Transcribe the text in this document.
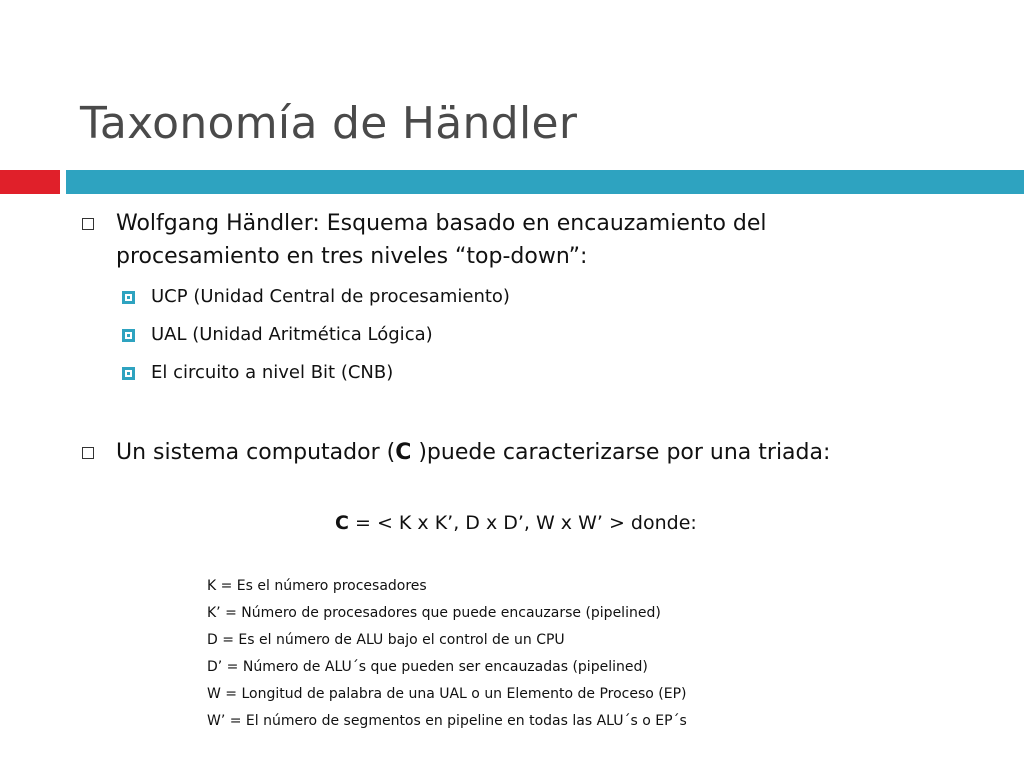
Taxonomía de Händler
Wolfgang Händler: Esquema basado en encauzamiento del
procesamiento en tres niveles “top-down”:
UCP (Unidad Central de procesamiento)
UAL (Unidad Aritmética Lógica)
El circuito a nivel Bit (CNB)
Un sistema computador (C )puede caracterizarse por una triada:
C = < K x K’, D x D’, W x W’ > donde:
K = Es el número procesadores
K’ = Número de procesadores que puede encauzarse (pipelined)
D = Es el número de ALU bajo el control de un CPU
D’ = Número de ALU´s que pueden ser encauzadas (pipelined)
W = Longitud de palabra de una UAL o un Elemento de Proceso (EP)
W’ = El número de segmentos en pipeline en todas las ALU´s o EP´s
